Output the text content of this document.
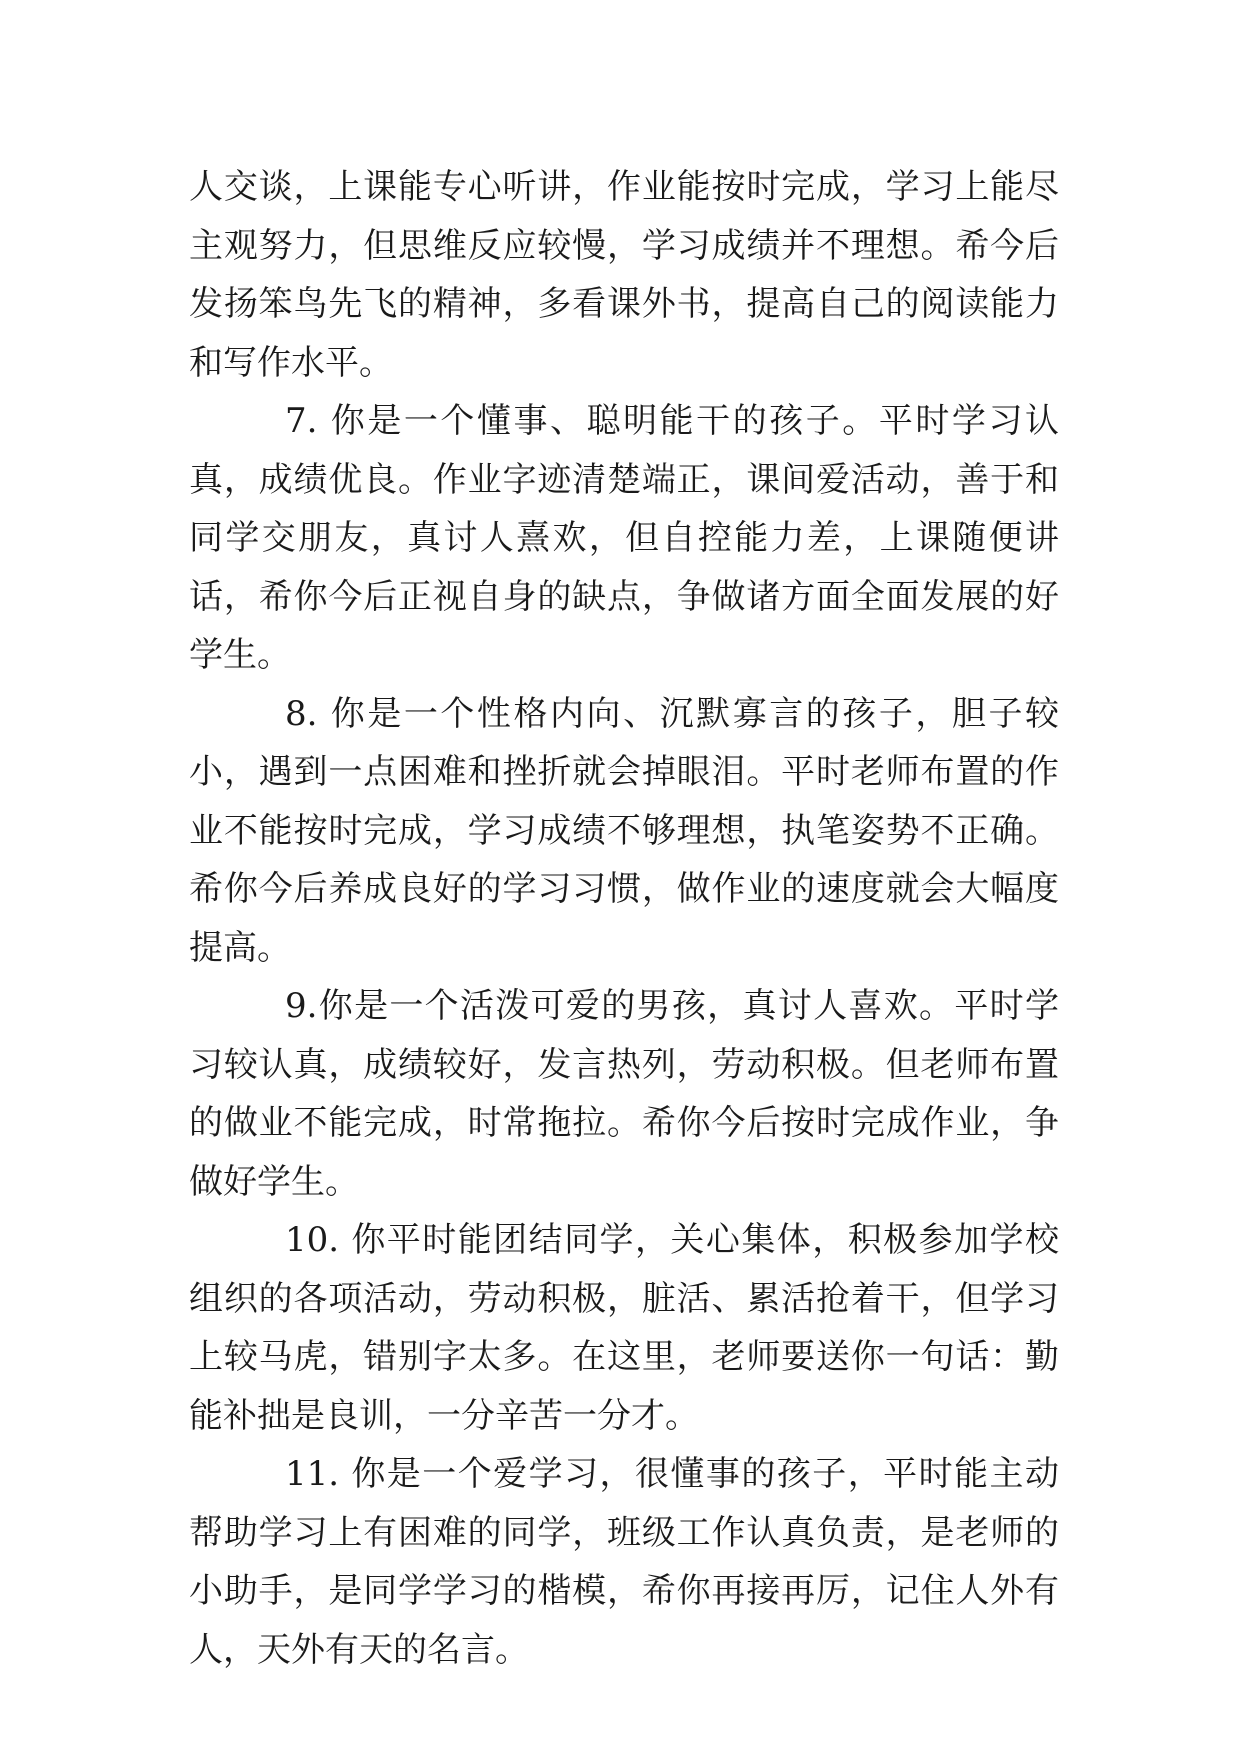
人交谈，上课能专心听讲，作业能按时完成，学习上能尽主观努力，但思维反应较慢，学习成绩并不理想。希今后发扬笨鸟先飞的精神，多看课外书，提高自己的阅读能力和写作水平。

7. 你是一个懂事、聪明能干的孩子。平时学习认真，成绩优良。作业字迹清楚端正，课间爱活动，善于和同学交朋友，真讨人熹欢，但自控能力差，上课随便讲话，希你今后正视自身的缺点，争做诸方面全面发展的好学生。

8. 你是一个性格内向、沉默寡言的孩子，胆子较小，遇到一点困难和挫折就会掉眼泪。平时老师布置的作业不能按时完成，学习成绩不够理想，执笔姿势不正确。希你今后养成良好的学习习惯，做作业的速度就会大幅度提高。

9.你是一个活泼可爱的男孩，真讨人喜欢。平时学习较认真，成绩较好，发言热列，劳动积极。但老师布置的做业不能完成，时常拖拉。希你今后按时完成作业，争做好学生。

10. 你平时能团结同学，关心集体，积极参加学校组织的各项活动，劳动积极，脏活、累活抢着干，但学习上较马虎，错别字太多。在这里，老师要送你一句话：勤能补拙是良训，一分辛苦一分才。

11. 你是一个爱学习，很懂事的孩子，平时能主动帮助学习上有困难的同学，班级工作认真负责，是老师的小助手，是同学学习的楷模，希你再接再厉，记住人外有人，天外有天的名言。
